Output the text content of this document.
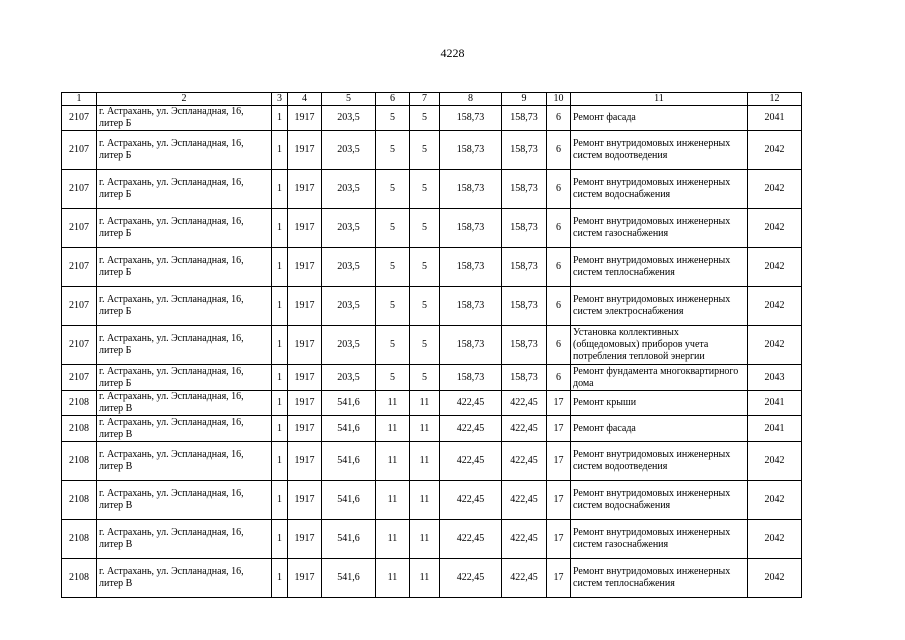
4228
1	2	3	4	5	6	7	8	9	10	11	12
2107	г. Астрахань, ул. Эспланадная, 16, литер Б	1	1917	203,5	5	5	158,73	158,73	6	Ремонт фасада	2041
2107	г. Астрахань, ул. Эспланадная, 16, литер Б	1	1917	203,5	5	5	158,73	158,73	6	Ремонт внутридомовых инженерных систем водоотведения	2042
2107	г. Астрахань, ул. Эспланадная, 16, литер Б	1	1917	203,5	5	5	158,73	158,73	6	Ремонт внутридомовых инженерных систем водоснабжения	2042
2107	г. Астрахань, ул. Эспланадная, 16, литер Б	1	1917	203,5	5	5	158,73	158,73	6	Ремонт внутридомовых инженерных систем газоснабжения	2042
2107	г. Астрахань, ул. Эспланадная, 16, литер Б	1	1917	203,5	5	5	158,73	158,73	6	Ремонт внутридомовых инженерных систем теплоснабжения	2042
2107	г. Астрахань, ул. Эспланадная, 16, литер Б	1	1917	203,5	5	5	158,73	158,73	6	Ремонт внутридомовых инженерных систем электроснабжения	2042
2107	г. Астрахань, ул. Эспланадная, 16, литер Б	1	1917	203,5	5	5	158,73	158,73	6	Установка коллективных (общедомовых) приборов учета потребления тепловой энергии	2042
2107	г. Астрахань, ул. Эспланадная, 16, литер Б	1	1917	203,5	5	5	158,73	158,73	6	Ремонт фундамента многоквартирного дома	2043
2108	г. Астрахань, ул. Эспланадная, 16, литер В	1	1917	541,6	11	11	422,45	422,45	17	Ремонт крыши	2041
2108	г. Астрахань, ул. Эспланадная, 16, литер В	1	1917	541,6	11	11	422,45	422,45	17	Ремонт фасада	2041
2108	г. Астрахань, ул. Эспланадная, 16, литер В	1	1917	541,6	11	11	422,45	422,45	17	Ремонт внутридомовых инженерных систем водоотведения	2042
2108	г. Астрахань, ул. Эспланадная, 16, литер В	1	1917	541,6	11	11	422,45	422,45	17	Ремонт внутридомовых инженерных систем водоснабжения	2042
2108	г. Астрахань, ул. Эспланадная, 16, литер В	1	1917	541,6	11	11	422,45	422,45	17	Ремонт внутридомовых инженерных систем газоснабжения	2042
2108	г. Астрахань, ул. Эспланадная, 16, литер В	1	1917	541,6	11	11	422,45	422,45	17	Ремонт внутридомовых инженерных систем теплоснабжения	2042
